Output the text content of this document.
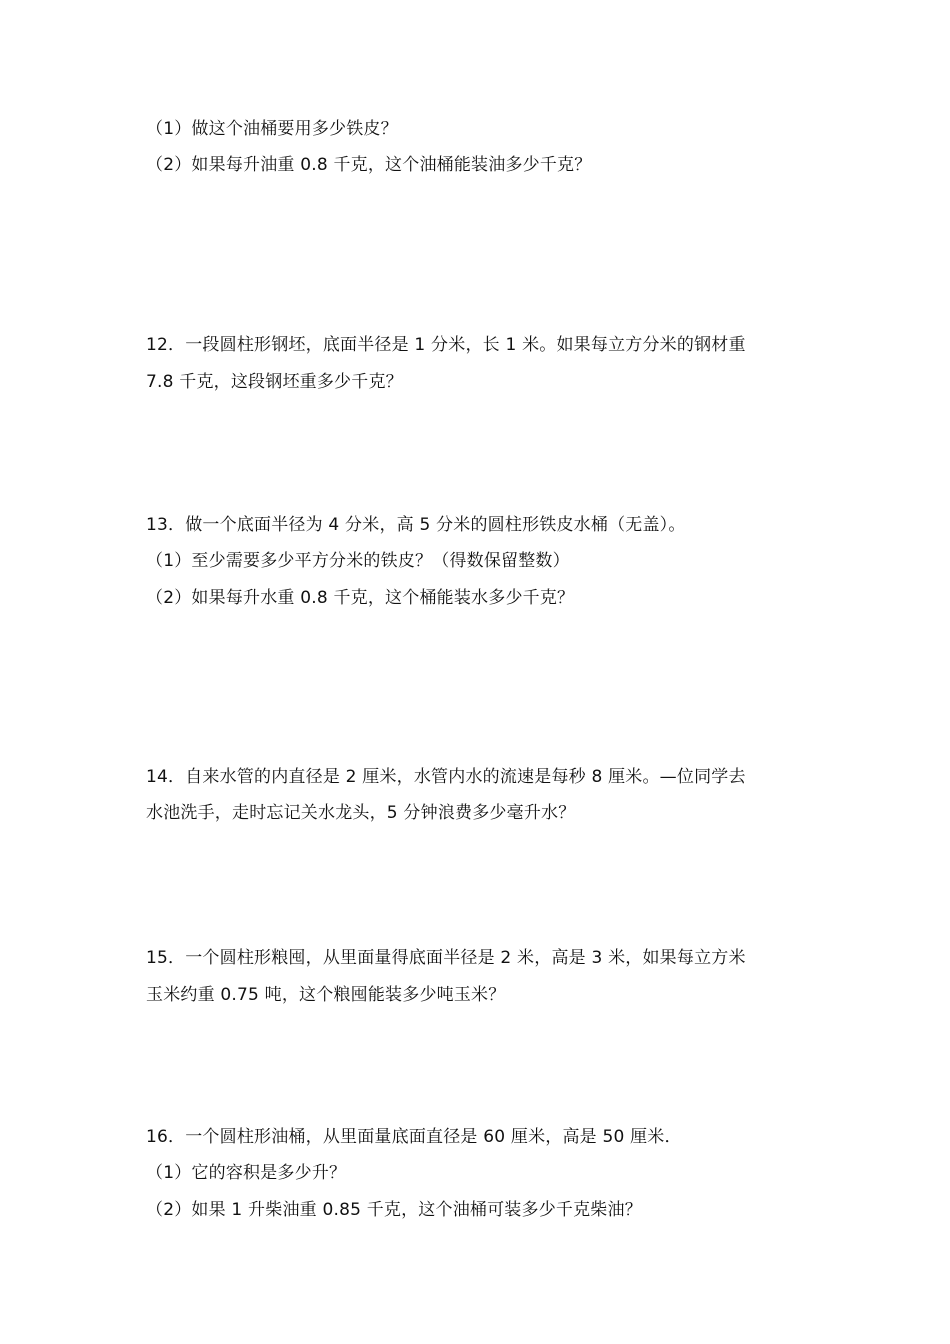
（1）做这个油桶要用多少铁皮？
（2）如果每升油重 0.8 千克，这个油桶能装油多少千克？
12．一段圆柱形钢坯，底面半径是 1 分米，长 1 米。如果每立方分米的钢材重
7.8 千克，这段钢坯重多少千克？
13．做一个底面半径为 4 分米，高 5 分米的圆柱形铁皮水桶（无盖）。
（1）至少需要多少平方分米的铁皮？（得数保留整数）
（2）如果每升水重 0.8 千克，这个桶能装水多少千克？
14．自来水管的内直径是 2 厘米，水管内水的流速是每秒 8 厘米。—位同学去
水池洗手，走时忘记关水龙头，5 分钟浪费多少毫升水？
15．一个圆柱形粮囤，从里面量得底面半径是 2 米，高是 3 米，如果每立方米
玉米约重 0.75 吨，这个粮囤能装多少吨玉米？
16．一个圆柱形油桶，从里面量底面直径是 60 厘米，高是 50 厘米．
（1）它的容积是多少升？
（2）如果 1 升柴油重 0.85 千克，这个油桶可装多少千克柴油？
